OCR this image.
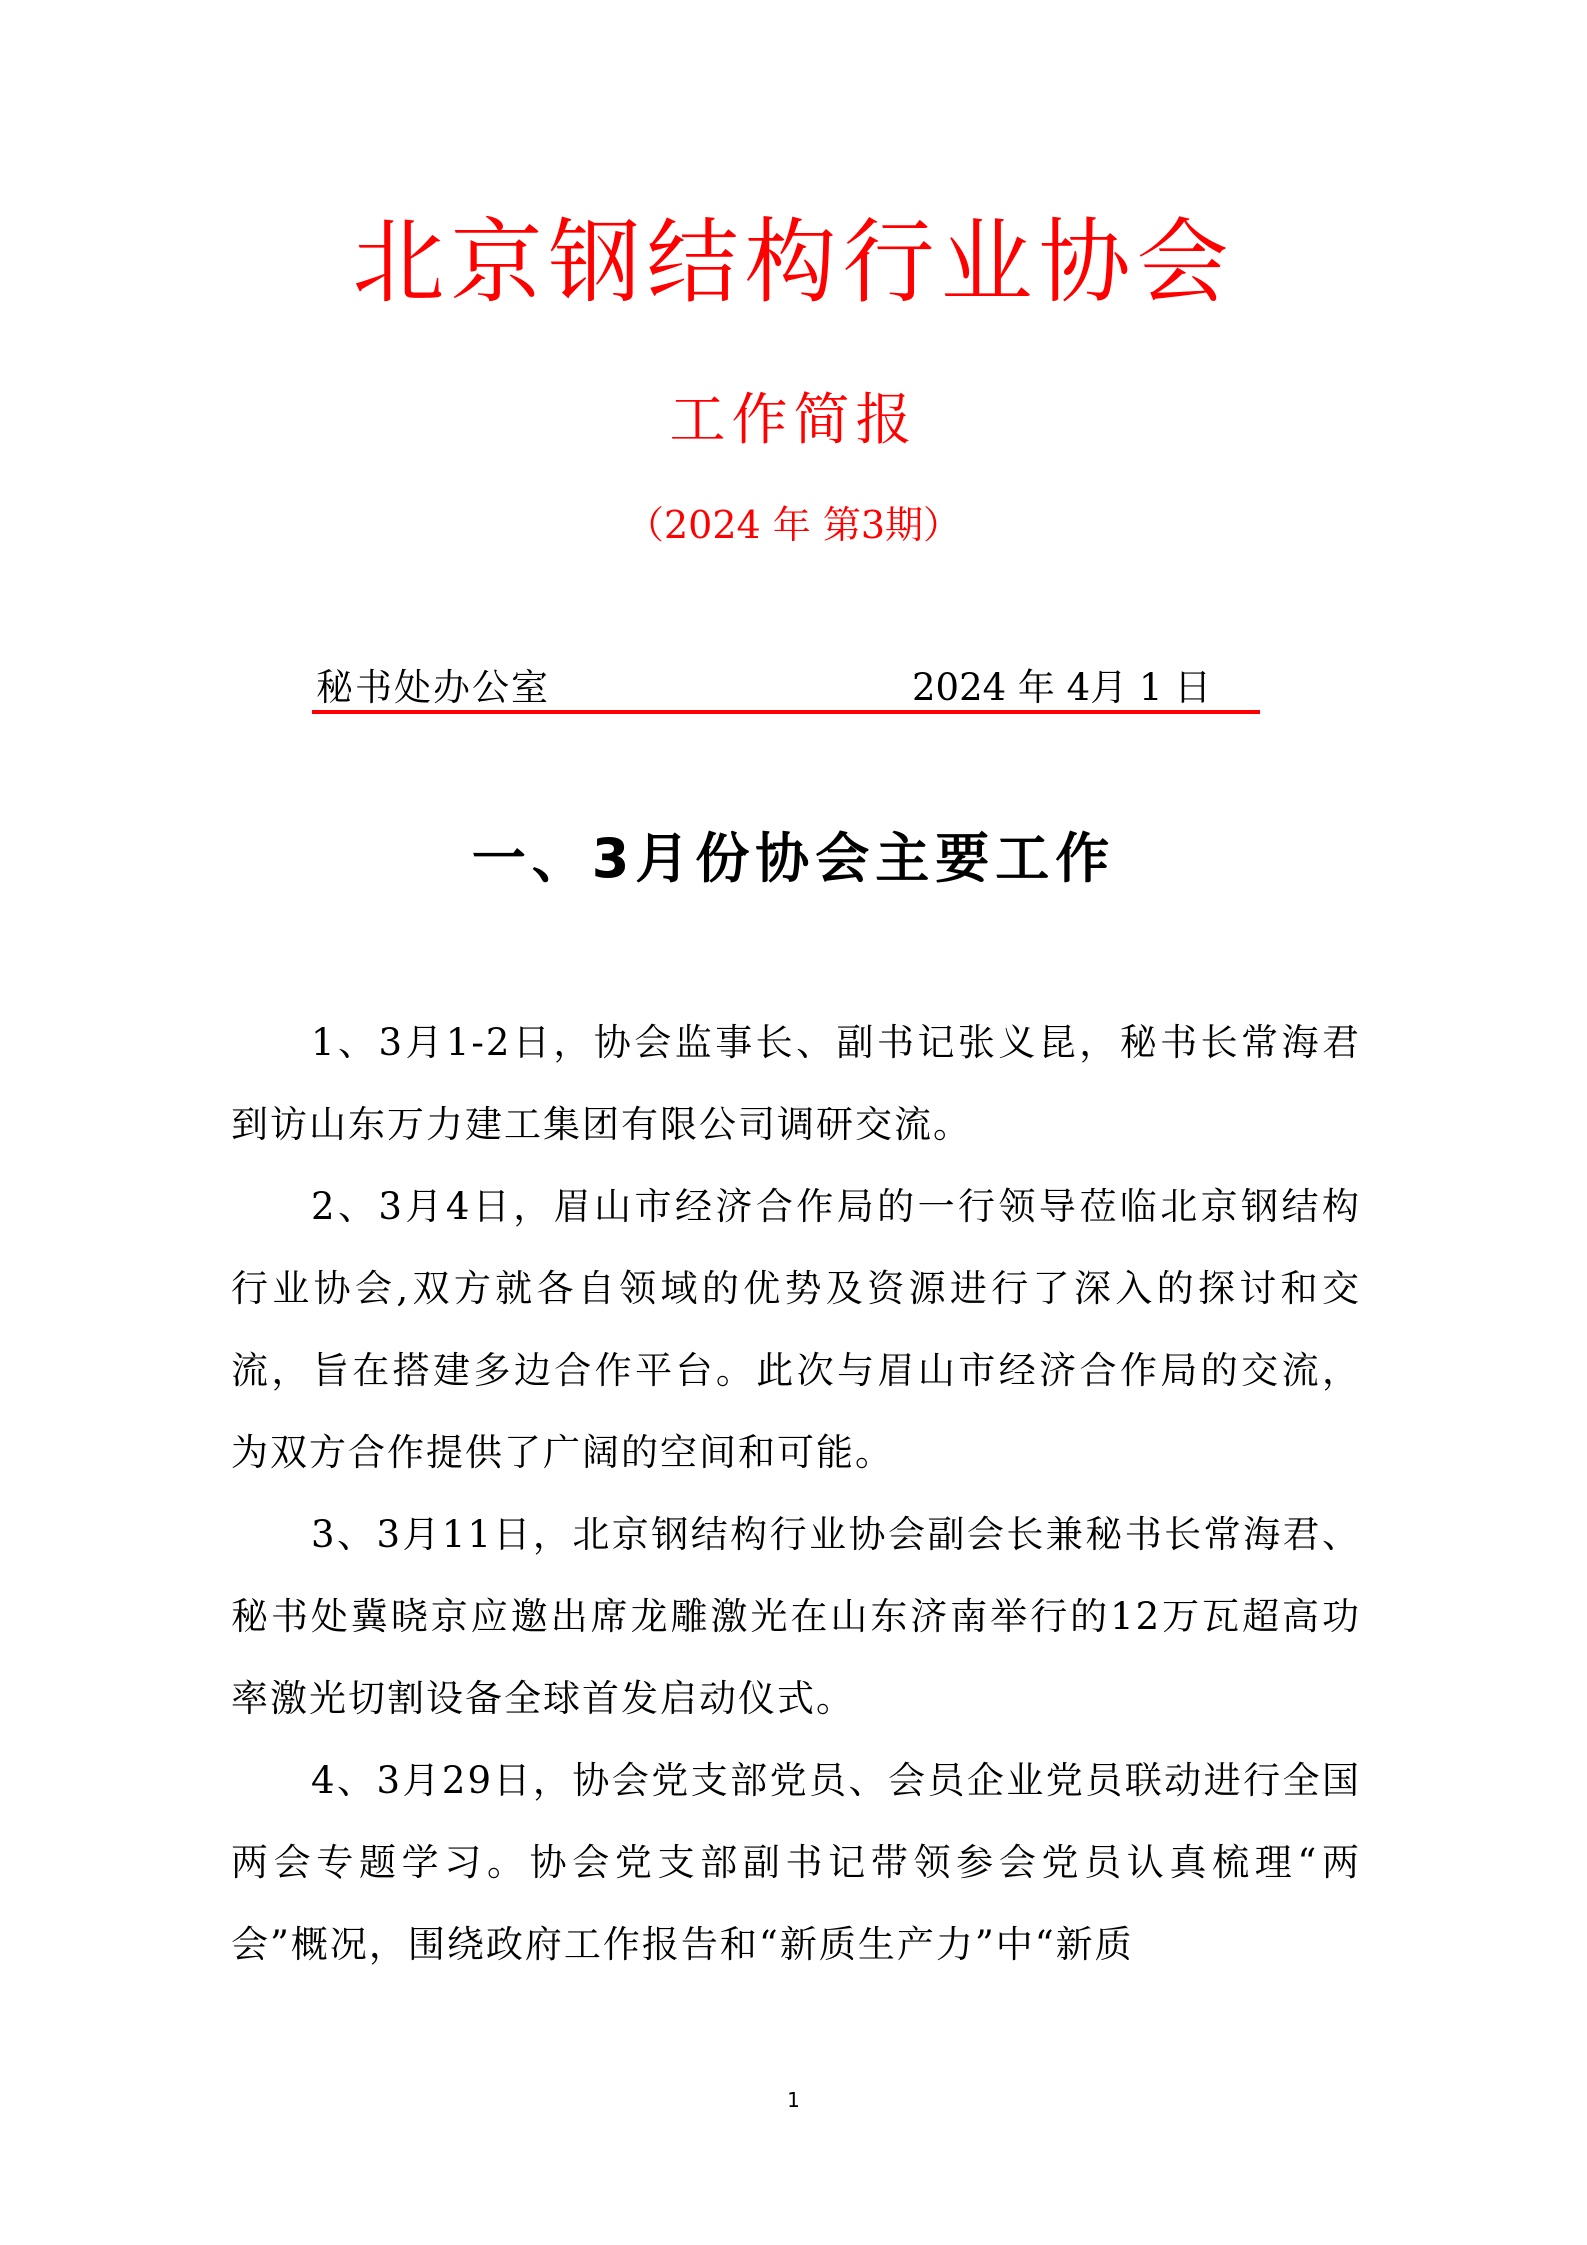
北京钢结构行业协会
工作简报
（2024 年 第3期）
秘书处办公室	2024 年 4月 1 日
一、3月份协会主要工作

1、3月1-2日，协会监事长、副书记张义昆，秘书长常海君到访山东万力建工集团有限公司调研交流。

2、3月4日，眉山市经济合作局的一行领导莅临北京钢结构行业协会,双方就各自领域的优势及资源进行了深入的探讨和交流，旨在搭建多边合作平台。此次与眉山市经济合作局的交流，为双方合作提供了广阔的空间和可能。

3、3月11日，北京钢结构行业协会副会长兼秘书长常海君、秘书处冀晓京应邀出席龙雕激光在山东济南举行的12万瓦超高功率激光切割设备全球首发启动仪式。

4、3月29日，协会党支部党员、会员企业党员联动进行全国两会专题学习。协会党支部副书记带领参会党员认真梳理“两会”概况，围绕政府工作报告和“新质生产力”中“新质

1
